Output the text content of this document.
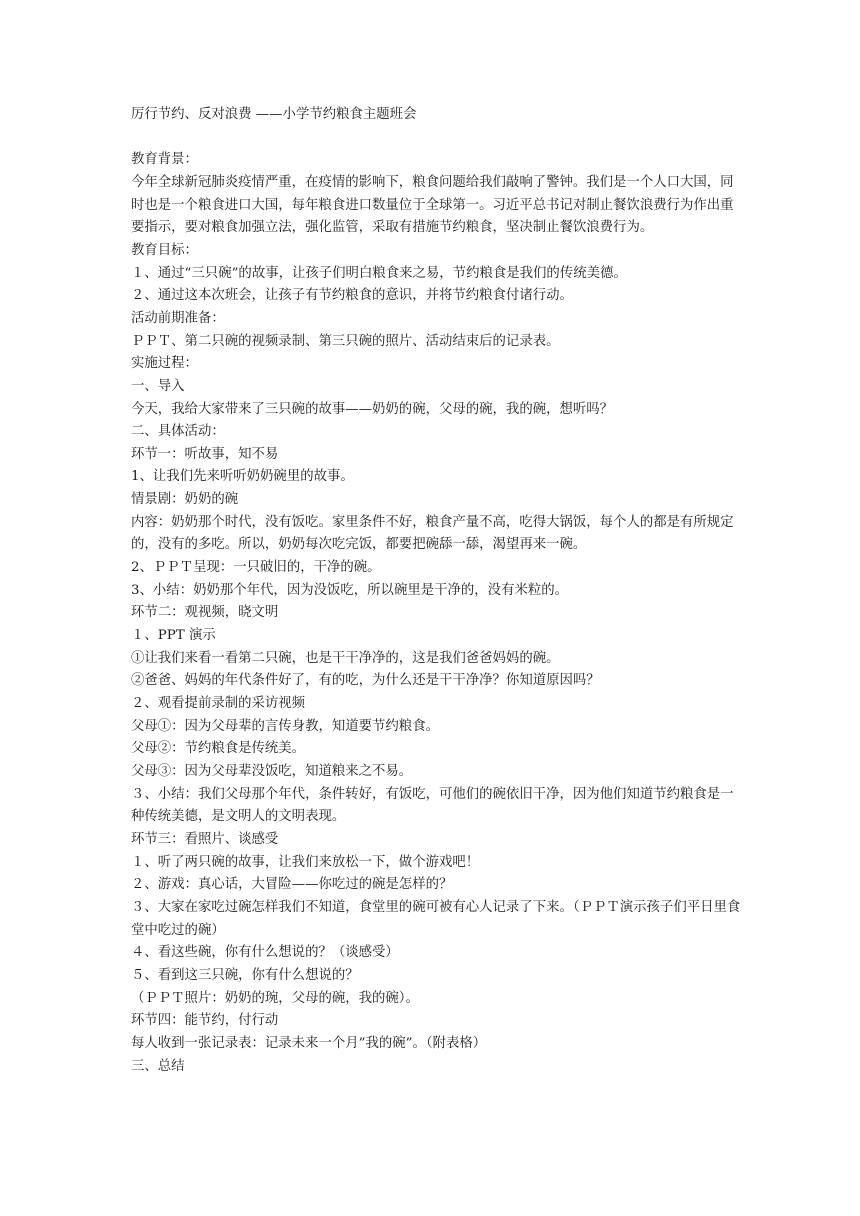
厉行节约、反对浪费 ——小学节约粮食主题班会

教育背景：

今年全球新冠肺炎疫情严重，在疫情的影响下，粮食问题给我们敲响了警钟。我们是一个人口大国，同时也是一个粮食进口大国，每年粮食进口数量位于全球第一。习近平总书记对制止餐饮浪费行为作出重要指示，要对粮食加强立法，强化监管，采取有措施节约粮食，坚决制止餐饮浪费行为。

教育目标：

１、通过“三只碗”的故事，让孩子们明白粮食来之易，节约粮食是我们的传统美德。

２、通过这本次班会，让孩子有节约粮食的意识，并将节约粮食付诸行动。

活动前期准备：

ＰＰＴ、第二只碗的视频录制、第三只碗的照片、活动结束后的记录表。

实施过程：

一、导入

今天，我给大家带来了三只碗的故事——奶奶的碗，父母的碗，我的碗，想听吗？

二、具体活动：

环节一：听故事，知不易

1、让我们先来听听奶奶碗里的故事。

情景剧：奶奶的碗

内容：奶奶那个时代，没有饭吃。家里条件不好，粮食产量不高，吃得大锅饭，每个人的都是有所规定的，没有的多吃。所以，奶奶每次吃完饭，都要把碗舔一舔，渴望再来一碗。

2、ＰＰＴ呈现：一只破旧的，干净的碗。

3、小结：奶奶那个年代，因为没饭吃，所以碗里是干净的，没有米粒的。

环节二：观视频，晓文明

１、PPT 演示

①让我们来看一看第二只碗，也是干干净净的，这是我们爸爸妈妈的碗。

②爸爸、妈妈的年代条件好了，有的吃，为什么还是干干净净？你知道原因吗？

２、观看提前录制的采访视频

父母①：因为父母辈的言传身教，知道要节约粮食。

父母②：节约粮食是传统美。

父母③：因为父母辈没饭吃，知道粮来之不易。

３、小结：我们父母那个年代，条件转好，有饭吃，可他们的碗依旧干净，因为他们知道节约粮食是一种传统美德，是文明人的文明表现。

环节三：看照片、谈感受

１、听了两只碗的故事，让我们来放松一下，做个游戏吧！

２、游戏：真心话，大冒险——你吃过的碗是怎样的？

３、大家在家吃过碗怎样我们不知道，食堂里的碗可被有心人记录了下来。（ＰＰＴ演示孩子们平日里食堂中吃过的碗）

４、看这些碗，你有什么想说的？（谈感受）

５、看到这三只碗，你有什么想说的？

（ＰＰＴ照片：奶奶的琬，父母的碗，我的碗）。

环节四：能节约，付行动

每人收到一张记录表：记录未来一个月”我的碗”。（附表格）

三、总结
